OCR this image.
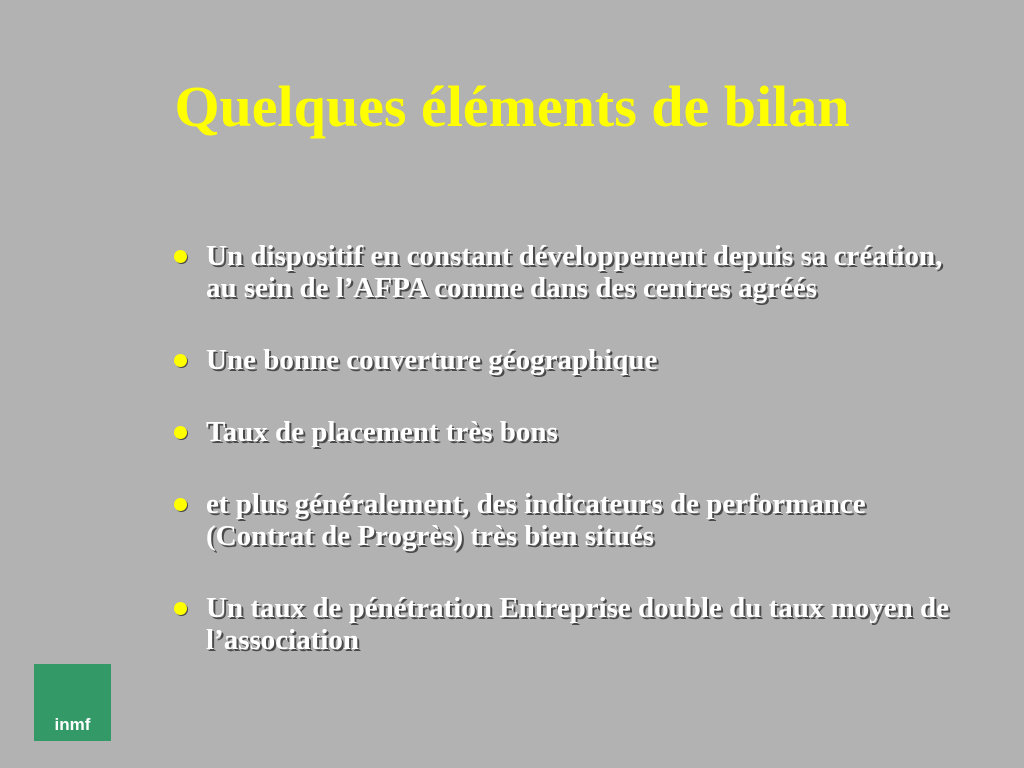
Quelques éléments de bilan
Un dispositif en constant développement depuis sa création, au sein de l’AFPA comme dans des centres agréés
Une bonne couverture géographique
Taux de placement très bons
et plus généralement, des indicateurs de performance (Contrat de Progrès) très bien situés
Un taux de pénétration Entreprise double du taux moyen de l’association
inmf
